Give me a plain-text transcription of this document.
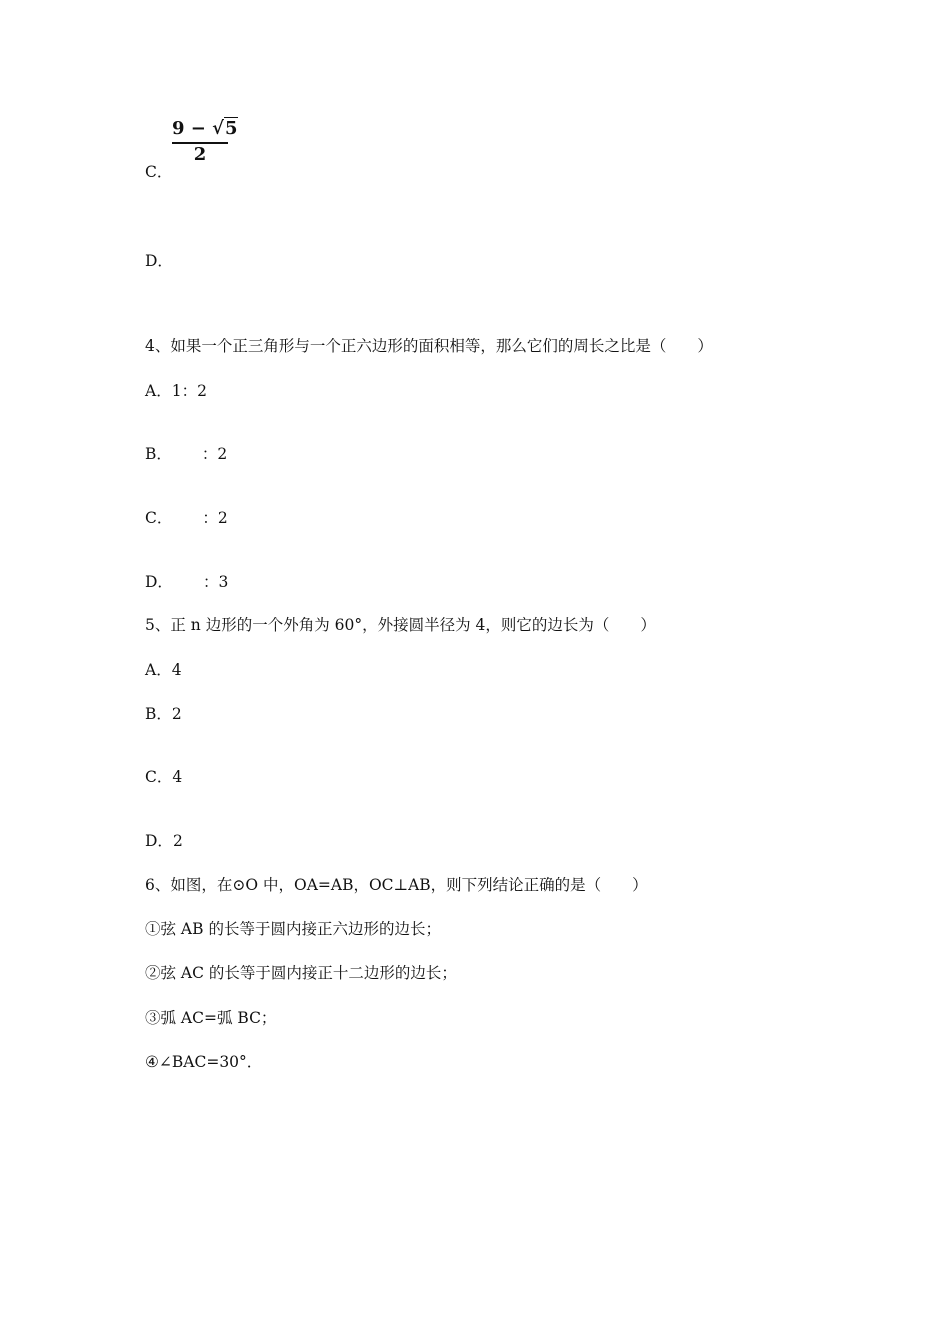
9 − √5
2
C．
D．
4、如果一个正三角形与一个正六边形的面积相等，那么它们的周长之比是（　　）
A．1：2
B． ：2
C． ：2
D． ：3
5、正 n 边形的一个外角为 60°，外接圆半径为 4，则它的边长为（　　）
A．4
B．2
C．4
D．2
6、如图，在⊙O 中，OA=AB，OC⊥AB，则下列结论正确的是（　　）
①弦 AB 的长等于圆内接正六边形的边长；
②弦 AC 的长等于圆内接正十二边形的边长；
③弧 AC=弧 BC；
④∠BAC=30°．
